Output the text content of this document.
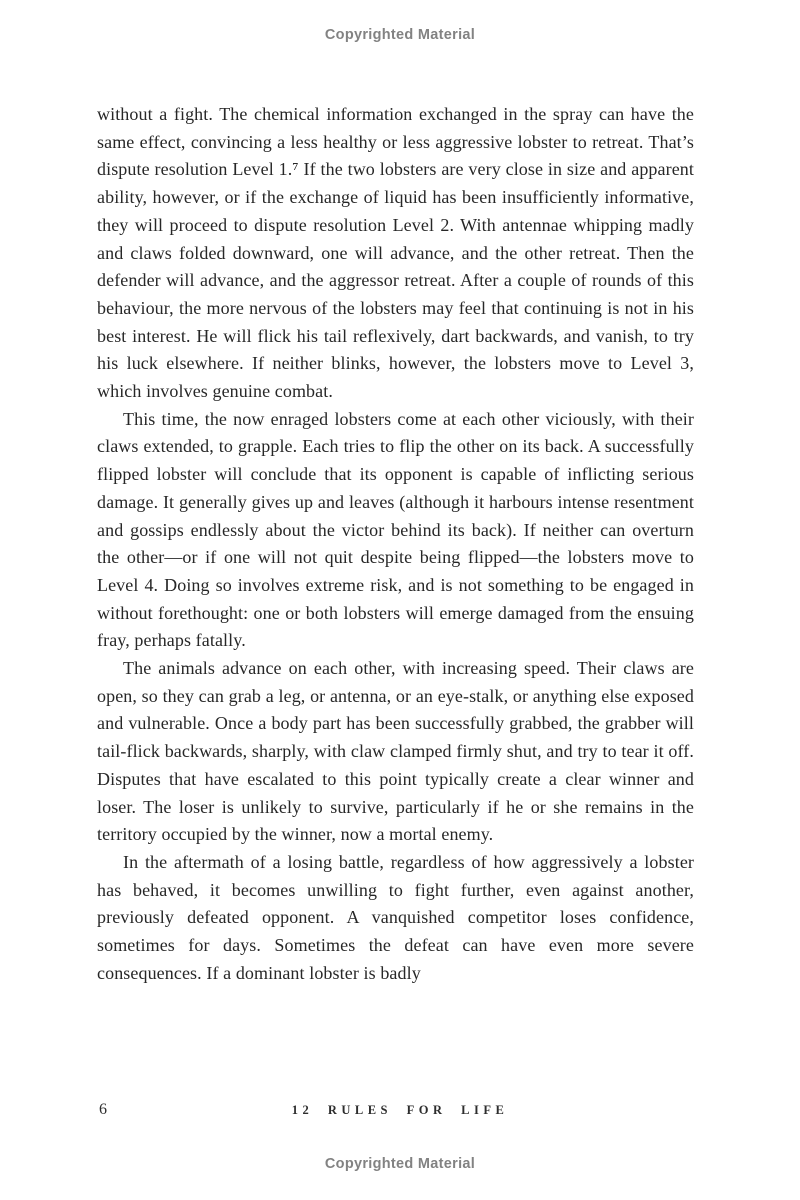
Copyrighted Material

without a fight. The chemical information exchanged in the spray can have the same effect, convincing a less healthy or less aggressive lobster to retreat. That’s dispute resolution Level 1.⁷ If the two lobsters are very close in size and apparent ability, however, or if the exchange of liquid has been insufficiently informative, they will proceed to dispute resolution Level 2. With antennae whipping madly and claws folded downward, one will advance, and the other retreat. Then the defender will advance, and the aggressor retreat. After a couple of rounds of this behaviour, the more nervous of the lobsters may feel that continuing is not in his best interest. He will flick his tail reflexively, dart backwards, and vanish, to try his luck elsewhere. If neither blinks, however, the lobsters move to Level 3, which involves genuine combat.

This time, the now enraged lobsters come at each other viciously, with their claws extended, to grapple. Each tries to flip the other on its back. A successfully flipped lobster will conclude that its opponent is capable of inflicting serious damage. It generally gives up and leaves (although it harbours intense resentment and gossips endlessly about the victor behind its back). If neither can overturn the other—or if one will not quit despite being flipped—the lobsters move to Level 4. Doing so involves extreme risk, and is not something to be engaged in without forethought: one or both lobsters will emerge damaged from the ensuing fray, perhaps fatally.

The animals advance on each other, with increasing speed. Their claws are open, so they can grab a leg, or antenna, or an eye-stalk, or anything else exposed and vulnerable. Once a body part has been successfully grabbed, the grabber will tail-flick backwards, sharply, with claw clamped firmly shut, and try to tear it off. Disputes that have escalated to this point typically create a clear winner and loser. The loser is unlikely to survive, particularly if he or she remains in the territory occupied by the winner, now a mortal enemy.

In the aftermath of a losing battle, regardless of how aggressively a lobster has behaved, it becomes unwilling to fight further, even against another, previously defeated opponent. A vanquished competitor loses confidence, sometimes for days. Sometimes the defeat can have even more severe consequences. If a dominant lobster is badly

6	12 RULES FOR LIFE
Copyrighted Material
